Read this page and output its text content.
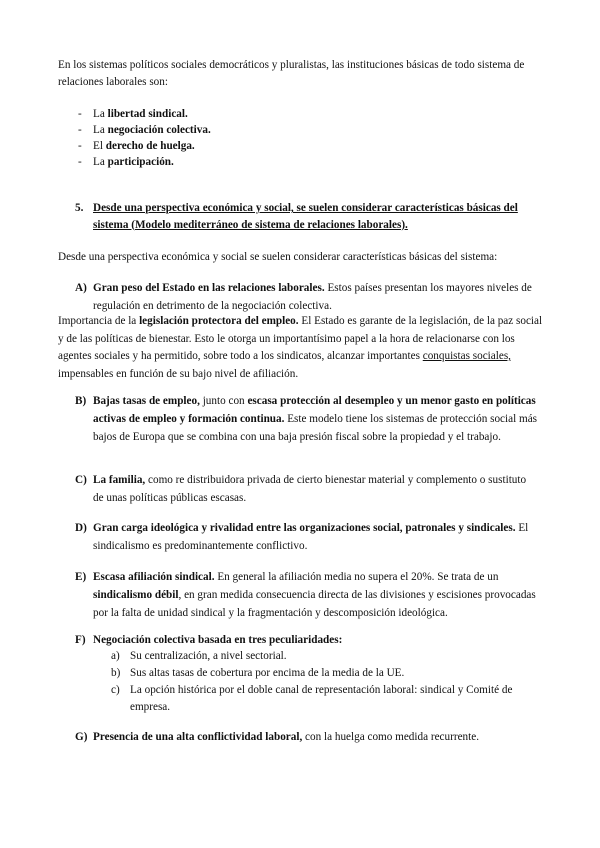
En los sistemas políticos sociales democráticos y pluralistas, las instituciones básicas de todo sistema de relaciones laborales son:
- La libertad sindical.
- La negociación colectiva.
- El derecho de huelga.
- La participación.
5. Desde una perspectiva económica y social, se suelen considerar características básicas del sistema (Modelo mediterráneo de sistema de relaciones laborales).
Desde una perspectiva económica y social se suelen considerar características básicas del sistema:
A) Gran peso del Estado en las relaciones laborales. Estos países presentan los mayores niveles de regulación en detrimento de la negociación colectiva.
Importancia de la legislación protectora del empleo. El Estado es garante de la legislación, de la paz social y de las políticas de bienestar. Esto le otorga un importantísimo papel a la hora de relacionarse con los agentes sociales y ha permitido, sobre todo a los sindicatos, alcanzar importantes conquistas sociales, impensables en función de su bajo nivel de afiliación.
B) Bajas tasas de empleo, junto con escasa protección al desempleo y un menor gasto en políticas activas de empleo y formación continua. Este modelo tiene los sistemas de protección social más bajos de Europa que se combina con una baja presión fiscal sobre la propiedad y el trabajo.
C) La familia, como re distribuidora privada de cierto bienestar material y complemento o sustituto de unas políticas públicas escasas.
D) Gran carga ideológica y rivalidad entre las organizaciones social, patronales y sindicales. El sindicalismo es predominantemente conflictivo.
E) Escasa afiliación sindical. En general la afiliación media no supera el 20%. Se trata de un sindicalismo débil, en gran medida consecuencia directa de las divisiones y escisiones provocadas por la falta de unidad sindical y la fragmentación y descomposición ideológica.
F) Negociación colectiva basada en tres peculiaridades:
a) Su centralización, a nivel sectorial.
b) Sus altas tasas de cobertura por encima de la media de la UE.
c) La opción histórica por el doble canal de representación laboral: sindical y Comité de empresa.
G) Presencia de una alta conflictividad laboral, con la huelga como medida recurrente.
